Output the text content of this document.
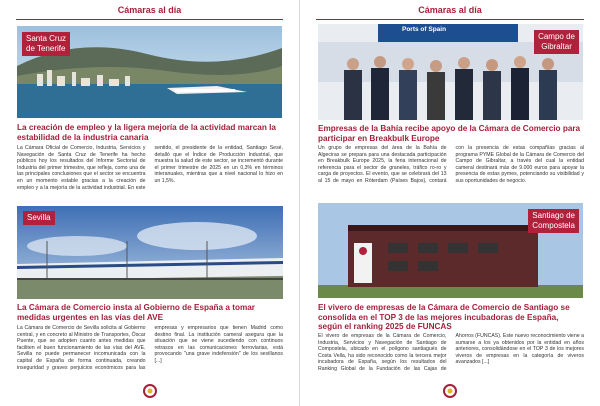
Cámaras al día
Santa Cruz
de Tenerife
La creación de empleo y la ligera mejoría de la actividad marcan la estabilidad de la industria canaria
La Cámara Oficial de Comercio, Industria, Servicios y Navegación de Santa Cruz de Tenerife ha hecho públicos hoy los resultados del Informe Sectorial de Industria del primer trimestre, que refleja, como una de las principales conclusiones que el sector se encuentra en un momento estable gracias a la creación de empleo y a la mejoría de la actividad industrial. En este sentido, el presidente de la entidad, Santiago Sesé, detalló que el Índice de Producción Industrial, que muestra la salud de este sector, se incrementó durante el primer trimestre de 2025 en un 0,3% en términos interanuales, mientras que a nivel nacional lo hizo en un 1,5%.
Sevilla
La Cámara de Comercio insta al Gobierno de España a tomar medidas urgentes en las vías del AVE
La Cámara de Comercio de Sevilla solicita al Gobierno central, y en concreto al Ministro de Transportes, Óscar Puente, que se adopten cuanto antes medidas que faciliten el buen funcionamiento de las vías del AVE. Sevilla no puede permanecer incomunicada con la capital de España de forma continuada, creando inseguridad y graves perjuicios económicos para las empresas y empresarios que tienen Madrid como destino final. La institución cameral asegura que la situación que se viene sucediendo con continuos retrasos en las comunicaciones ferroviarias, está provocando "una grave indefensión" de los sevillanos [...]
Cámaras al día
Ports of Spain
Campo de
Gibraltar
Empresas de la Bahía recibe apoyo de la Cámara de Comercio para participar en Breakbulk Europe
Un grupo de empresas del área de la Bahía de Algeciras se prepara para una destacada participación en Breakbulk Europe 2025, la feria internacional de referencia para el sector de graneles, tráfico ro-ro y carga de proyectos. El evento, que se celebrará del 13 al 15 de mayo en Róterdam (Países Bajos), contará con la presencia de estas compañías gracias al programa PYME Global de la Cámara de Comercio del Campo de Gibraltar, a través del cual la entidad cameral destinará más de 9.000 euros para apoyar la presencia de estas pymes, potenciando su visibilidad y sus oportunidades de negocio.
Santiago de
Compostela
El vivero de empresas de la Cámara de Comercio de Santiago se consolida en el TOP 3 de las mejores incubadoras de España, según el ranking 2025 de FUNCAS
El vivero de empresas de la Cámara de Comercio, Industria, Servicios y Navegación de Santiago de Compostela, ubicado en el polígono santiagués de Costa Vella, ha sido reconocido como la tercera mejor incubadora de España, según los resultados del Ranking Global de la Fundación de las Cajas de Ahorros (FUNCAS). Este nuevo reconocimiento viene a sumarse a los ya obtenidos por la entidad en años anteriores, consolidándose en el TOP 3 de los mejores viveros de empresas en la categoría de viveros avanzados [...]
